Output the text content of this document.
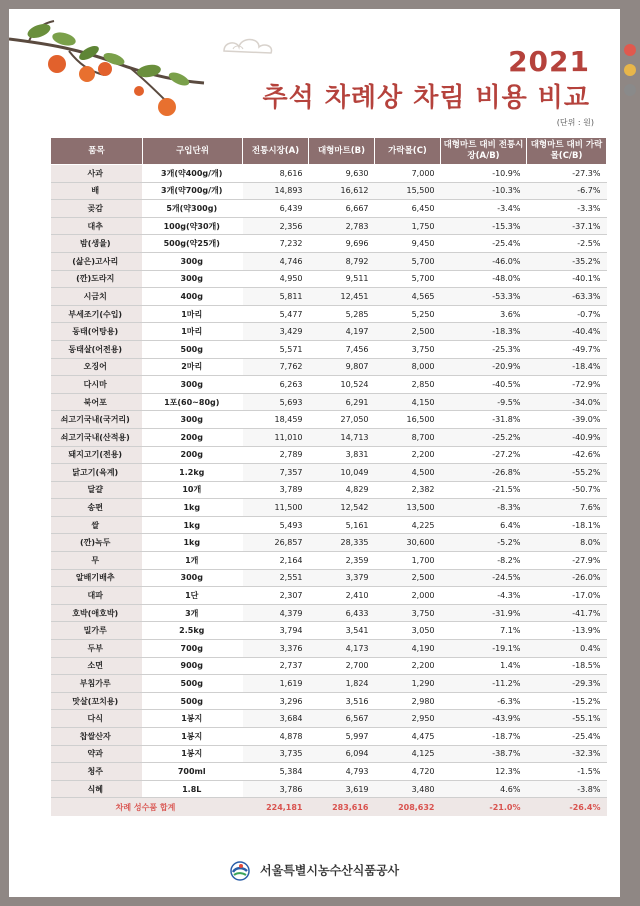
2021
추석 차례상 차림 비용 비교
(단위 : 원)
품목	구입단위	전통시장(A)	대형마트(B)	가락몰(C)	대형마트 대비 전통시장(A/B)	대형마트 대비 가락몰(C/B)
사과	3개(약400g/개)	8,616	9,630	7,000	-10.9%	-27.3%
배	3개(약700g/개)	14,893	16,612	15,500	-10.3%	-6.7%
곶감	5개(약300g)	6,439	6,667	6,450	-3.4%	-3.3%
대추	100g(약30개)	2,356	2,783	1,750	-15.3%	-37.1%
밤(생율)	500g(약25개)	7,232	9,696	9,450	-25.4%	-2.5%
(삶은)고사리	300g	4,746	8,792	5,700	-46.0%	-35.2%
(깐)도라지	300g	4,950	9,511	5,700	-48.0%	-40.1%
시금치	400g	5,811	12,451	4,565	-53.3%	-63.3%
부세조기(수입)	1마리	5,477	5,285	5,250	3.6%	-0.7%
동태(어탕용)	1마리	3,429	4,197	2,500	-18.3%	-40.4%
동태살(어전용)	500g	5,571	7,456	3,750	-25.3%	-49.7%
오징어	2마리	7,762	9,807	8,000	-20.9%	-18.4%
다시마	300g	6,263	10,524	2,850	-40.5%	-72.9%
북어포	1포(60~80g)	5,693	6,291	4,150	-9.5%	-34.0%
쇠고기국내(국거리)	300g	18,459	27,050	16,500	-31.8%	-39.0%
쇠고기국내(산적용)	200g	11,010	14,713	8,700	-25.2%	-40.9%
돼지고기(전용)	200g	2,789	3,831	2,200	-27.2%	-42.6%
닭고기(육계)	1.2kg	7,357	10,049	4,500	-26.8%	-55.2%
달걀	10개	3,789	4,829	2,382	-21.5%	-50.7%
송편	1kg	11,500	12,542	13,500	-8.3%	7.6%
쌀	1kg	5,493	5,161	4,225	6.4%	-18.1%
(깐)녹두	1kg	26,857	28,335	30,600	-5.2%	8.0%
무	1개	2,164	2,359	1,700	-8.2%	-27.9%
알배기배추	300g	2,551	3,379	2,500	-24.5%	-26.0%
대파	1단	2,307	2,410	2,000	-4.3%	-17.0%
호박(애호박)	3개	4,379	6,433	3,750	-31.9%	-41.7%
밀가루	2.5kg	3,794	3,541	3,050	7.1%	-13.9%
두부	700g	3,376	4,173	4,190	-19.1%	0.4%
소면	900g	2,737	2,700	2,200	1.4%	-18.5%
부침가루	500g	1,619	1,824	1,290	-11.2%	-29.3%
맛살(꼬치용)	500g	3,296	3,516	2,980	-6.3%	-15.2%
다식	1봉지	3,684	6,567	2,950	-43.9%	-55.1%
찹쌀산자	1봉지	4,878	5,997	4,475	-18.7%	-25.4%
약과	1봉지	3,735	6,094	4,125	-38.7%	-32.3%
청주	700ml	5,384	4,793	4,720	12.3%	-1.5%
식혜	1.8L	3,786	3,619	3,480	4.6%	-3.8%
차례 성수품 합계		224,181	283,616	208,632	-21.0%	-26.4%
서울특별시농수산식품공사
